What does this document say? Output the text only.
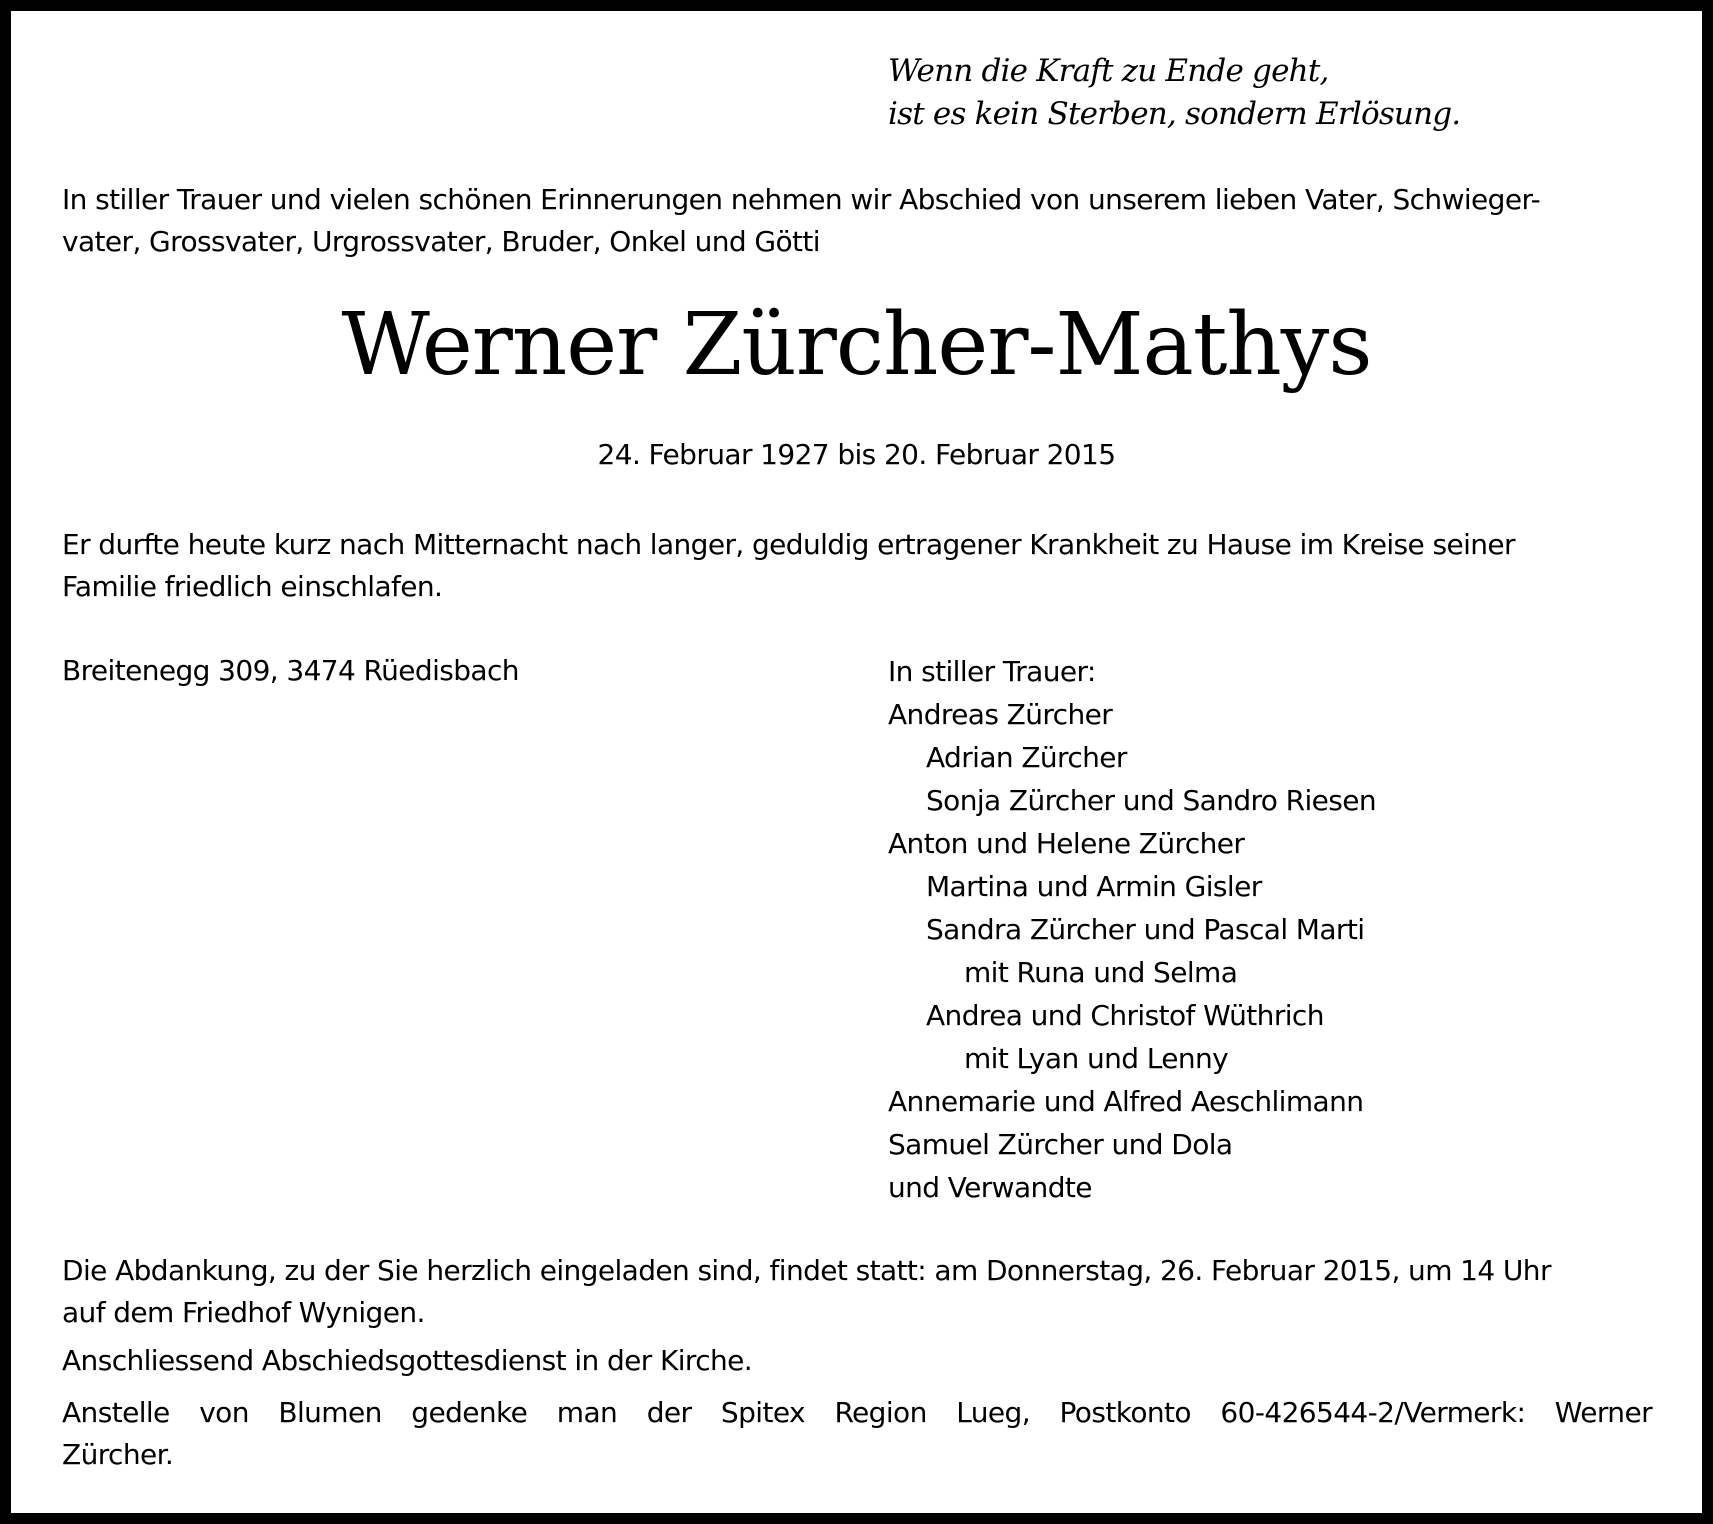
Wenn die Kraft zu Ende geht,
ist es kein Sterben, sondern Erlösung.
In stiller Trauer und vielen schönen Erinnerungen nehmen wir Abschied von unserem lieben Vater, Schwieger-
vater, Grossvater, Urgrossvater, Bruder, Onkel und Götti
Werner Zürcher-Mathys
24. Februar 1927 bis 20. Februar 2015
Er durfte heute kurz nach Mitternacht nach langer, geduldig ertragener Krankheit zu Hause im Kreise seiner
Familie friedlich einschlafen.
Breitenegg 309, 3474 Rüedisbach	In stiller Trauer:
Andreas Zürcher
Adrian Zürcher
Sonja Zürcher und Sandro Riesen
Anton und Helene Zürcher
Martina und Armin Gisler
Sandra Zürcher und Pascal Marti
mit Runa und Selma
Andrea und Christof Wüthrich
mit Lyan und Lenny
Annemarie und Alfred Aeschlimann
Samuel Zürcher und Dola
und Verwandte
Die Abdankung, zu der Sie herzlich eingeladen sind, findet statt: am Donnerstag, 26. Februar 2015, um 14 Uhr
auf dem Friedhof Wynigen.
Anschliessend Abschiedsgottesdienst in der Kirche.
Anstelle von Blumen gedenke man der Spitex Region Lueg, Postkonto 60-426544-2/Vermerk: Werner
Zürcher.
